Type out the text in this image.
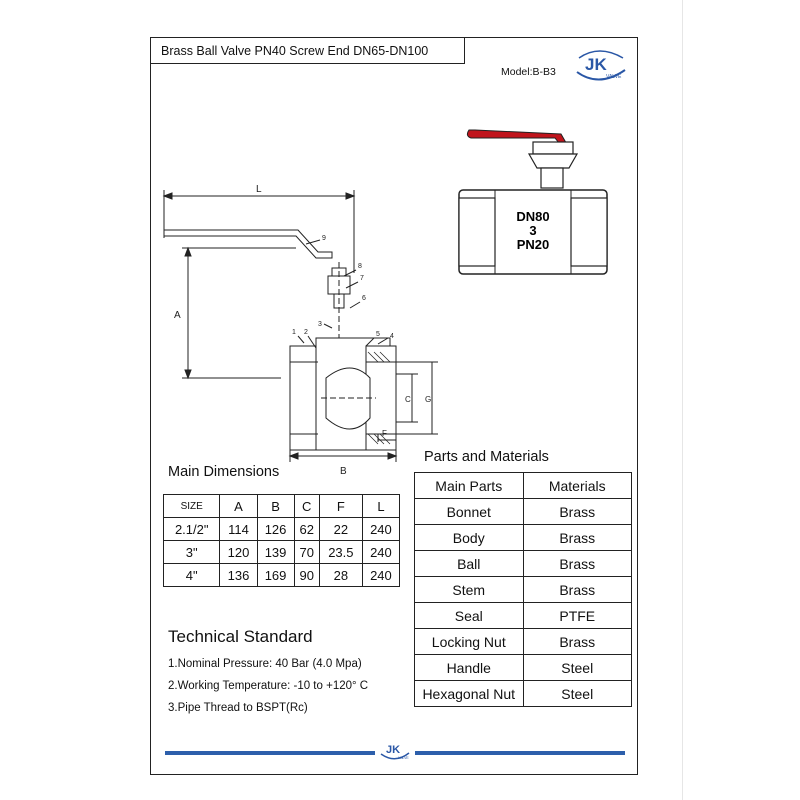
Brass Ball Valve PN40 Screw End DN65-DN100
Model:B-B3 JK
VALVE
L
A
B
C G
F
1 2
3
4
5
6
7
8
9
DN80
3
PN20
Main Dimensions
SIZE	A	B	C	F	L
2.1/2"	114	126	62	22	240
3"	120	139	70	23.5	240
4"	136	169	90	28	240
Technical Standard
1.Nominal Pressure: 40 Bar (4.0 Mpa)
2.Working Temperature: -10 to +120° C
3.Pipe Thread to BSPT(Rc)
Parts and Materials
Main Parts	Materials
Bonnet	Brass
Body	Brass
Ball	Brass
Stem	Brass
Seal	PTFE
Locking Nut	Brass
Handle	Steel
Hexagonal Nut	Steel
JK
VALVE
